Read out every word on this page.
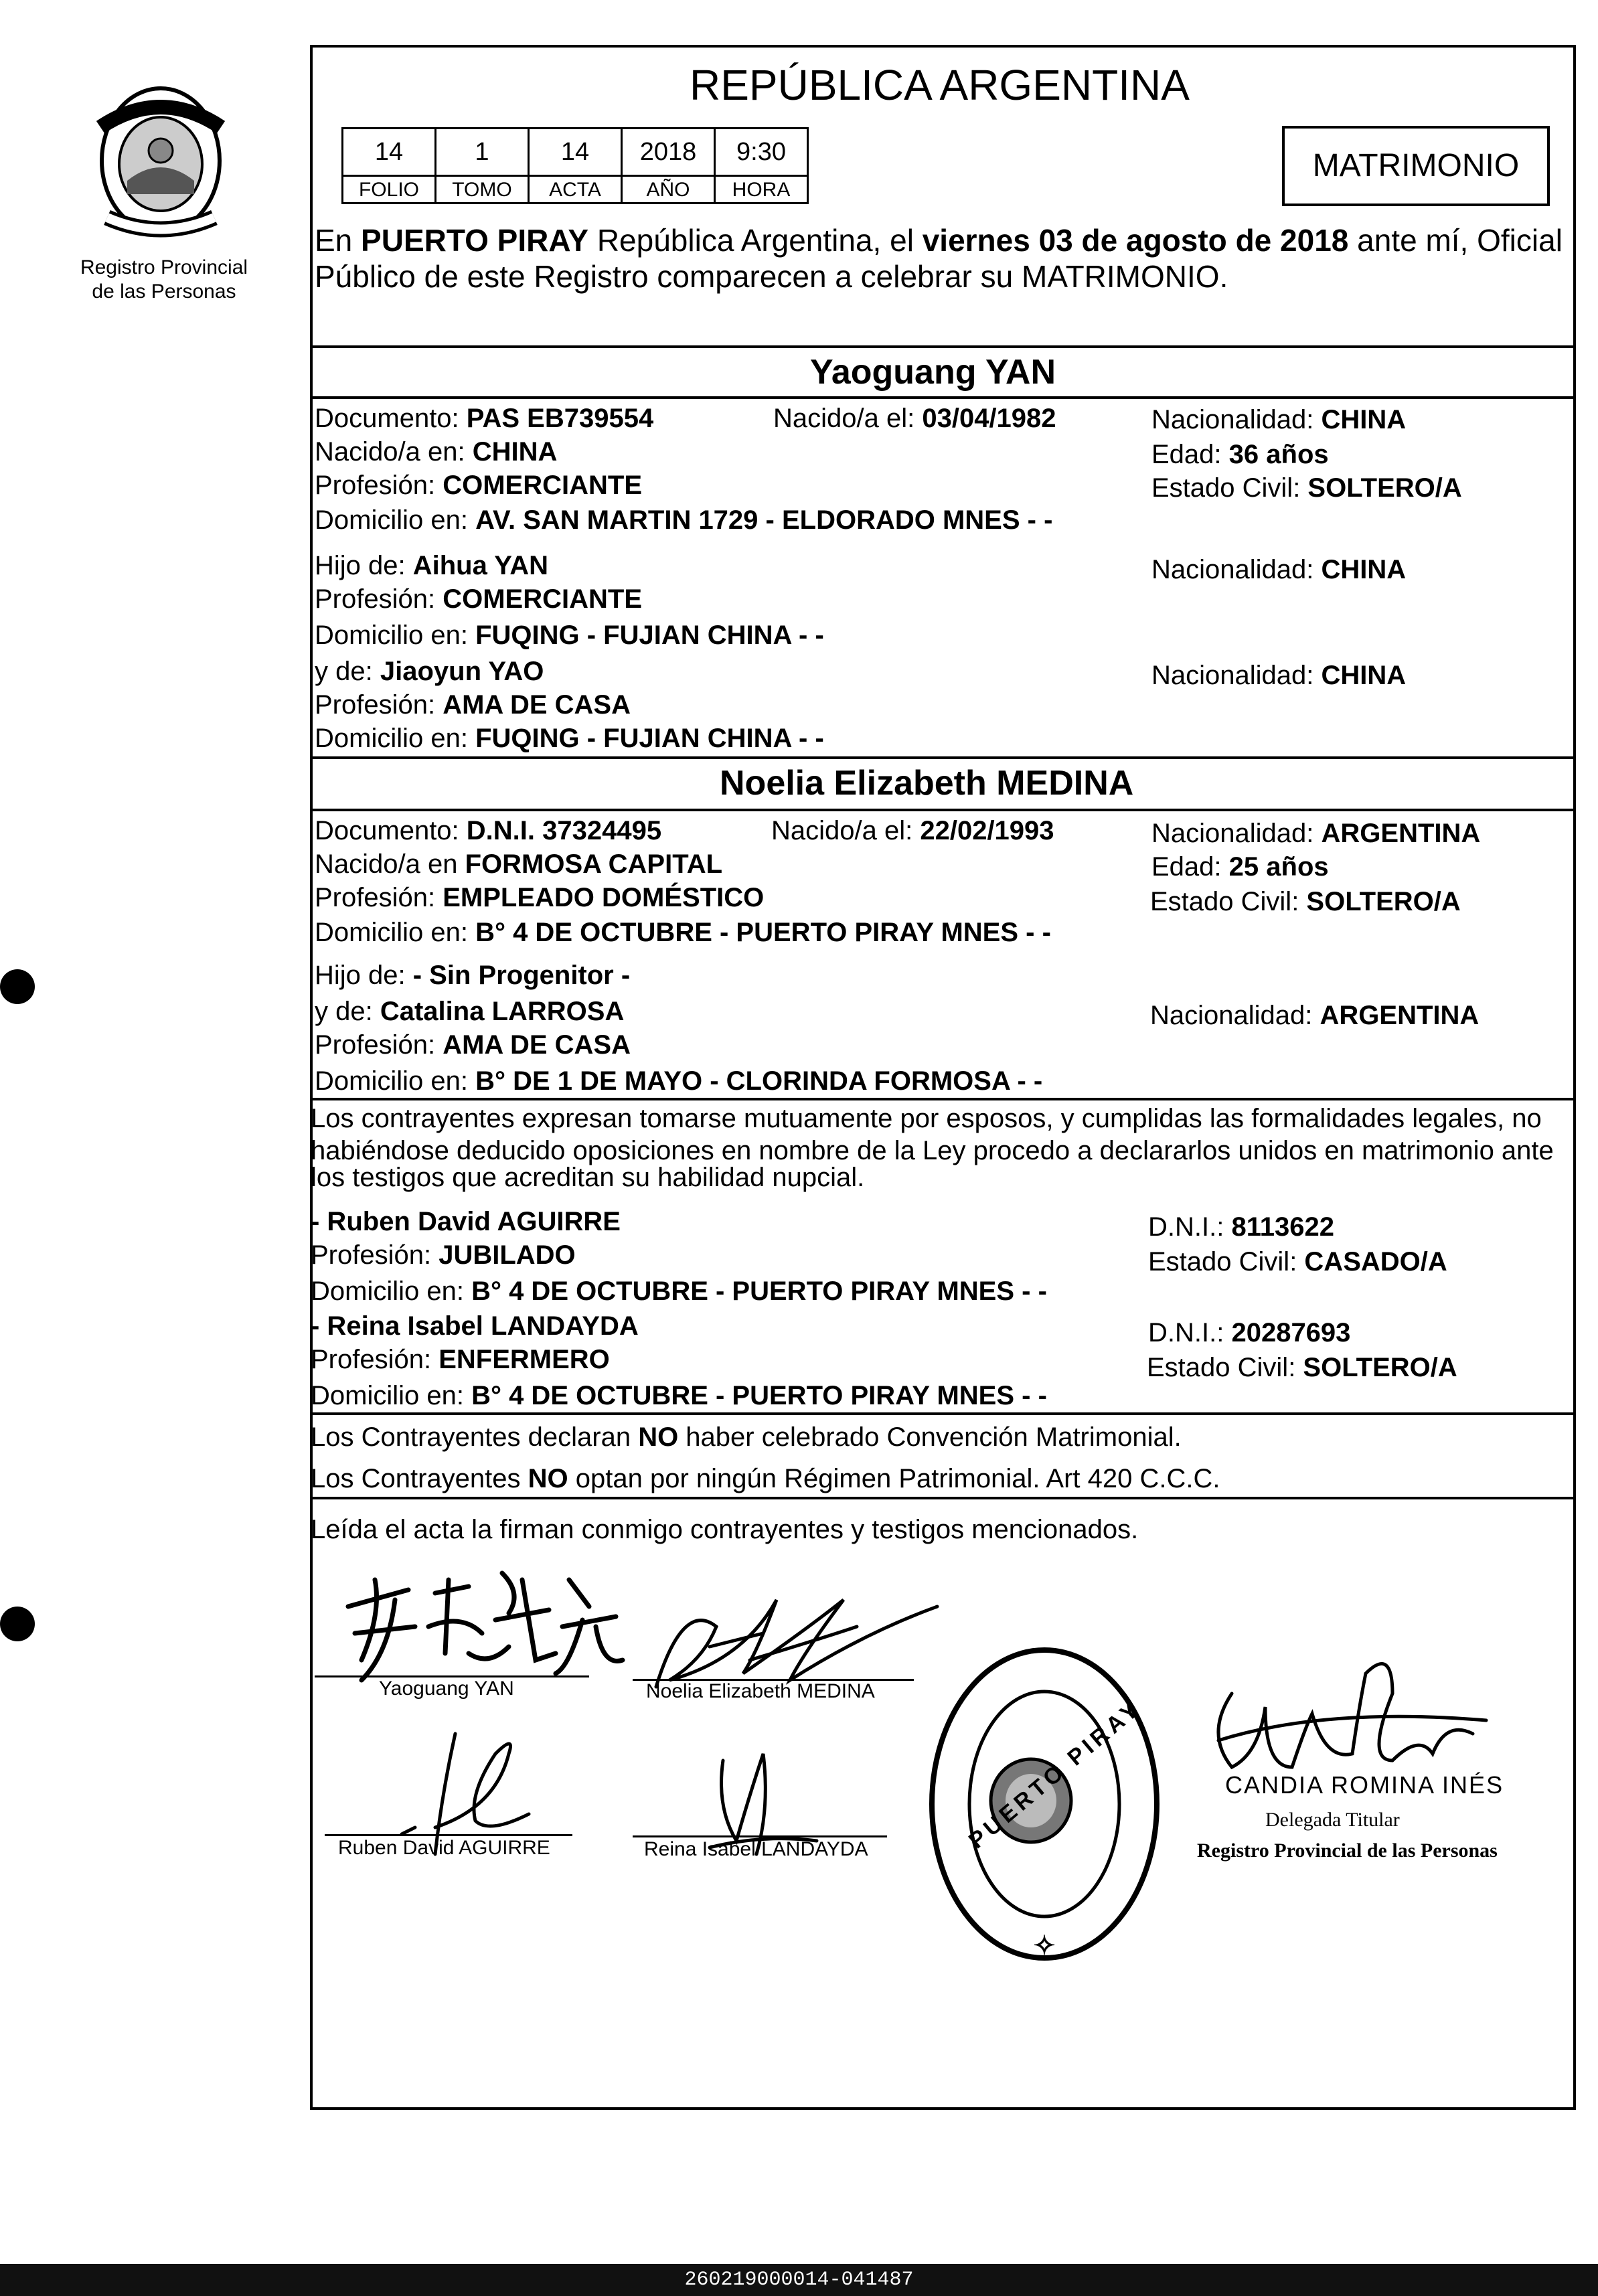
Registro Provincial
de las Personas
REPÚBLICA ARGENTINA
14	1	14	2018	9:30
FOLIO	TOMO	ACTA	AÑO	HORA
MATRIMONIO
En PUERTO PIRAY República Argentina, el viernes 03 de agosto de 2018 ante mí, Oficial
Público de este Registro comparecen a celebrar su MATRIMONIO.
Yaoguang YAN
Documento: PAS EB739554	Nacido/a el: 03/04/1982	Nacionalidad: CHINA
Nacido/a en: CHINA	Edad: 36 años
Profesión: COMERCIANTE	Estado Civil: SOLTERO/A
Domicilio en: AV. SAN MARTIN 1729 - ELDORADO MNES - -
Hijo de: Aihua YAN	Nacionalidad: CHINA
Profesión: COMERCIANTE
Domicilio en: FUQING - FUJIAN CHINA - -
y de: Jiaoyun YAO	Nacionalidad: CHINA
Profesión: AMA DE CASA
Domicilio en: FUQING - FUJIAN CHINA - -
Noelia Elizabeth MEDINA
Documento: D.N.I. 37324495	Nacido/a el: 22/02/1993	Nacionalidad: ARGENTINA
Nacido/a en FORMOSA CAPITAL	Edad: 25 años
Profesión: EMPLEADO DOMÉSTICO	Estado Civil: SOLTERO/A
Domicilio en: B° 4 DE OCTUBRE - PUERTO PIRAY MNES - -
Hijo de: - Sin Progenitor -
y de: Catalina LARROSA	Nacionalidad: ARGENTINA
Profesión: AMA DE CASA
Domicilio en: B° DE 1 DE MAYO - CLORINDA FORMOSA - -
Los contrayentes expresan tomarse mutuamente por esposos, y cumplidas las formalidades legales, no
habiéndose deducido oposiciones en nombre de la Ley procedo a declararlos unidos en matrimonio ante
los testigos que acreditan su habilidad nupcial.
- Ruben David AGUIRRE	D.N.I.: 8113622
Profesión: JUBILADO	Estado Civil: CASADO/A
Domicilio en: B° 4 DE OCTUBRE - PUERTO PIRAY MNES - -
- Reina Isabel LANDAYDA	D.N.I.: 20287693
Profesión: ENFERMERO	Estado Civil: SOLTERO/A
Domicilio en: B° 4 DE OCTUBRE - PUERTO PIRAY MNES - -
Los Contrayentes declaran NO haber celebrado Convención Matrimonial.
Los Contrayentes NO optan por ningún Régimen Patrimonial. Art 420 C.C.C.
Leída el acta la firman conmigo contrayentes y testigos mencionados.
Yaoguang YAN	Noelia Elizabeth MEDINA
Ruben David AGUIRRE	Reina Isabel LANDAYDA
✧
DELEGACION DEL REGISTRO PROVINCIAL DE LAS PERSONAS
PUERTO PIRAY	CANDIA ROMINA INÉS
Delegada Titular
Registro Provincial de las Personas
260219000014-041487
